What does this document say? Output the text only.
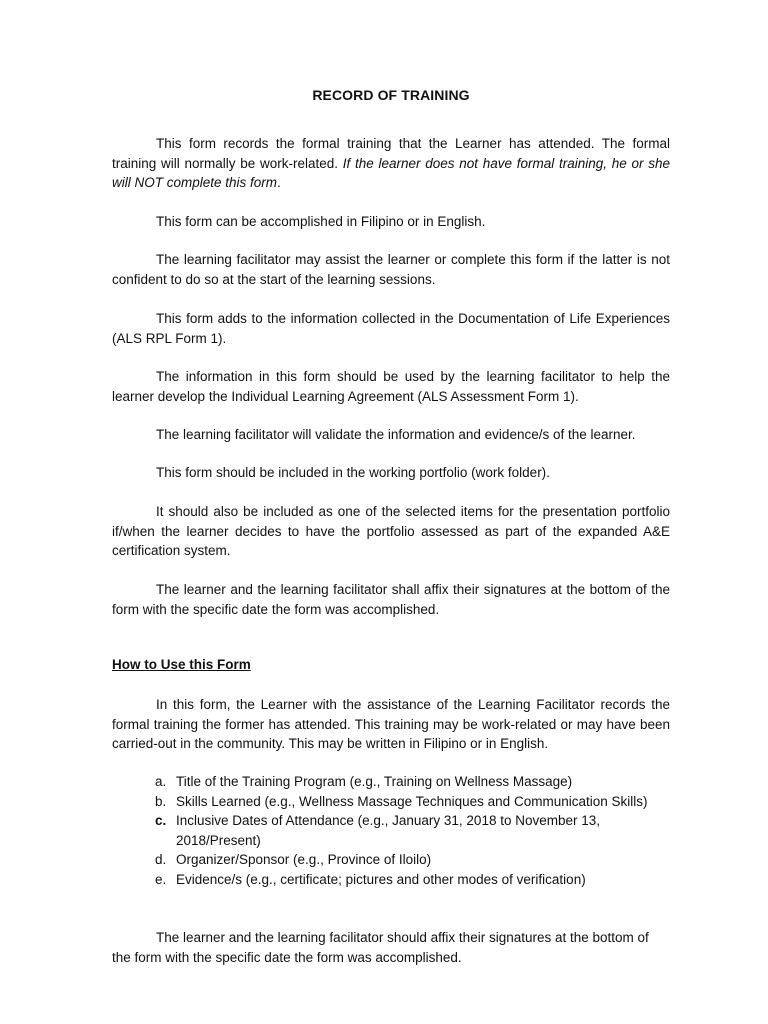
RECORD OF TRAINING

This form records the formal training that the Learner has attended. The formal training will normally be work-related. If the learner does not have formal training, he or she will NOT complete this form.

This form can be accomplished in Filipino or in English.

The learning facilitator may assist the learner or complete this form if the latter is not confident to do so at the start of the learning sessions.

This form adds to the information collected in the Documentation of Life Experiences (ALS RPL Form 1).

The information in this form should be used by the learning facilitator to help the learner develop the Individual Learning Agreement (ALS Assessment Form 1).

The learning facilitator will validate the information and evidence/s of the learner.

This form should be included in the working portfolio (work folder).

It should also be included as one of the selected items for the presentation portfolio if/when the learner decides to have the portfolio assessed as part of the expanded A&E certification system.

The learner and the learning facilitator shall affix their signatures at the bottom of the form with the specific date the form was accomplished.

How to Use this Form

In this form, the Learner with the assistance of the Learning Facilitator records the formal training the former has attended. This training may be work-related or may have been carried-out in the community. This may be written in Filipino or in English.

a. Title of the Training Program (e.g., Training on Wellness Massage)
b. Skills Learned (e.g., Wellness Massage Techniques and Communication Skills)
c. Inclusive Dates of Attendance (e.g., January 31, 2018 to November 13, 2018/Present)
d. Organizer/Sponsor (e.g., Province of Iloilo)
e. Evidence/s (e.g., certificate; pictures and other modes of verification)

The learner and the learning facilitator should affix their signatures at the bottom of the form with the specific date the form was accomplished.
